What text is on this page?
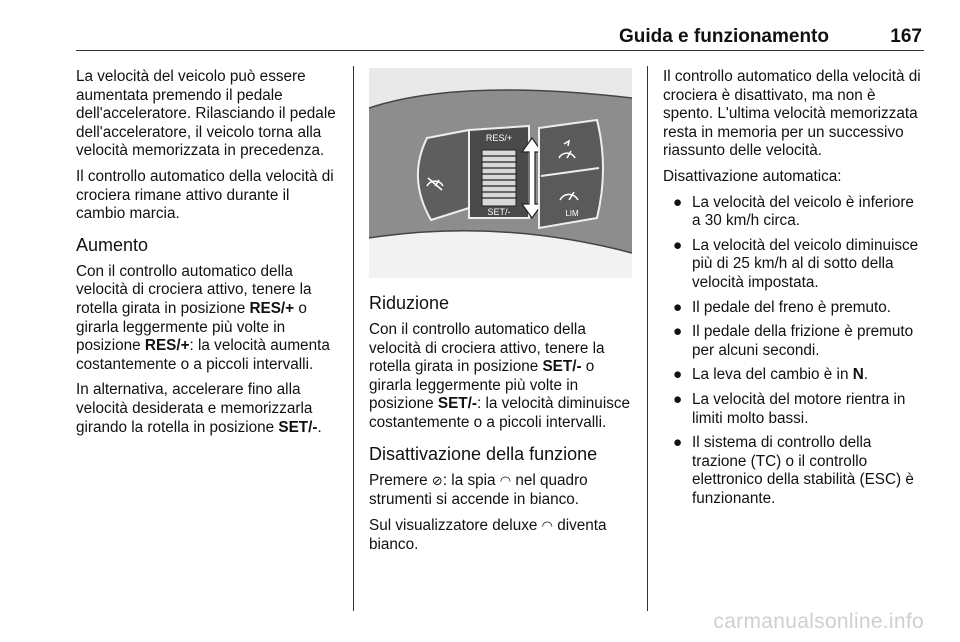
Guida e funzionamento	167

La velocità del veicolo può essere aumentata premendo il pedale dell'acceleratore. Rilasciando il pedale dell'acceleratore, il veicolo torna alla velocità memorizzata in precedenza.

Il controllo automatico della velocità di crociera rimane attivo durante il cambio marcia.

Aumento

Con il controllo automatico della velocità di crociera attivo, tenere la rotella girata in posizione RES/+ o girarla leggermente più volte in posizione RES/+: la velocità aumenta costantemente o a piccoli intervalli.

In alternativa, accelerare fino alla velocità desiderata e memorizzarla girando la rotella in posizione SET/-.

RES/+
SET/-	LIM
Riduzione

Con il controllo automatico della velocità di crociera attivo, tenere la rotella girata in posizione SET/- o girarla leggermente più volte in posizione SET/-: la velocità diminuisce costantemente o a piccoli intervalli.

Disattivazione della funzione

Premere ⊘: la spia ◠ nel quadro strumenti si accende in bianco.

Sul visualizzatore deluxe ◠ diventa bianco.

Il controllo automatico della velocità di crociera è disattivato, ma non è spento. L'ultima velocità memorizzata resta in memoria per un successivo riassunto delle velocità.

Disattivazione automatica:

● La velocità del veicolo è inferiore a 30 km/h circa.
● La velocità del veicolo diminuisce più di 25 km/h al di sotto della velocità impostata.
● Il pedale del freno è premuto.
● Il pedale della frizione è premuto per alcuni secondi.
● La leva del cambio è in N.
● La velocità del motore rientra in limiti molto bassi.
● Il sistema di controllo della trazione (TC) o il controllo elettronico della stabilità (ESC) è funzionante.
carmanualsonline.info
